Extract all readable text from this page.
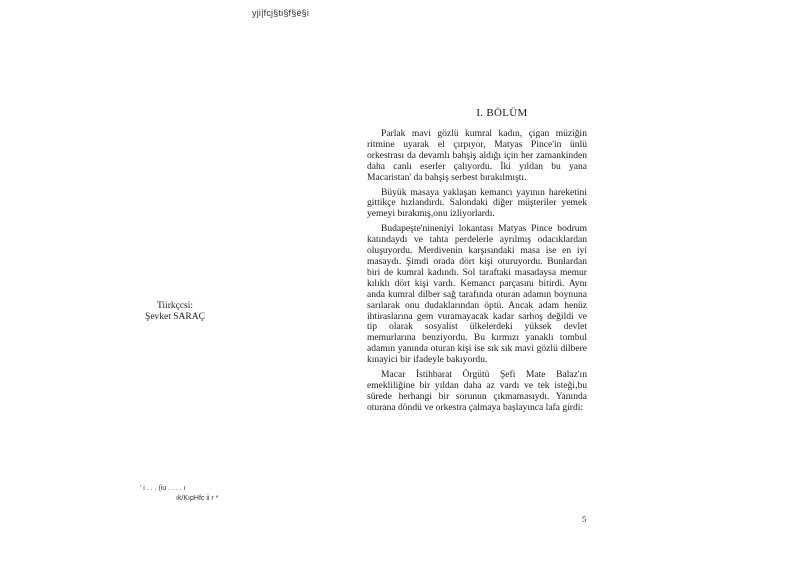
yji|fcj§ti§f§é§i
Tiirkçcsi:
Şevket SARAÇ
' i . . . (iu . . . . ı
ık/KıpHfc ii r *
I. BÖLÜM

Parlak mavi gözlü kumral kadın, çigan müziğin ritmine uyarak el çırpıyor, Matyas Pince'in ünlü orkestrası da devamlı bahşiş aldığı için her zamankinden daha canlı eserler çalıyordu. İki yıldan bu yana Macaristan' da bahşiş serbest bırakılmıştı.

Büyük masaya yaklaşan kemancı yayının hareketini gittikçe hızlandırdı. Salondaki diğer müşteriler yemek yemeyi bırakmış,onu izliyorlardı.

Budapeşte'nineniyi lokantası Matyas Pince bodrum katındaydı ve tahta perdelerle ayrılmış odacıklardan oluşuyordu. Merdivenin karşısındaki masa ise en iyi masaydı. Şimdi orada dört kişi oturuyordu. Bunlardan biri de kumral kadındı. Sol taraftaki masadaysa memur kılıklı dört kişi vardı. Kemancı parçasını bitirdi. Aynı anda kumral dilber sağ tarafında oturan adamın boynuna sarılarak onu dudaklarından öptü. Ancak adam henüz ihtiraslarına gem vuramayacak kadar sarhoş değildi ve tip olarak sosyalist ülkelerdeki yüksek devlet memurlarına benziyordu. Bu kırmızı yanaklı tombul adamın yanında oturan kişi ise sık sık mavi gözlü dilbere kınayici bir ifadeyle bakıyordu.

Macar İstihbarat Örgütü Şefi Mate Balaz'ın emekliliğine bir yıldan daha az vardı ve tek isteği,bu sürede herhangi bir sorunun çıkmamasıydı. Yanında oturana döndü ve orkestra çalmaya başlayınca lafa girdi:

5
